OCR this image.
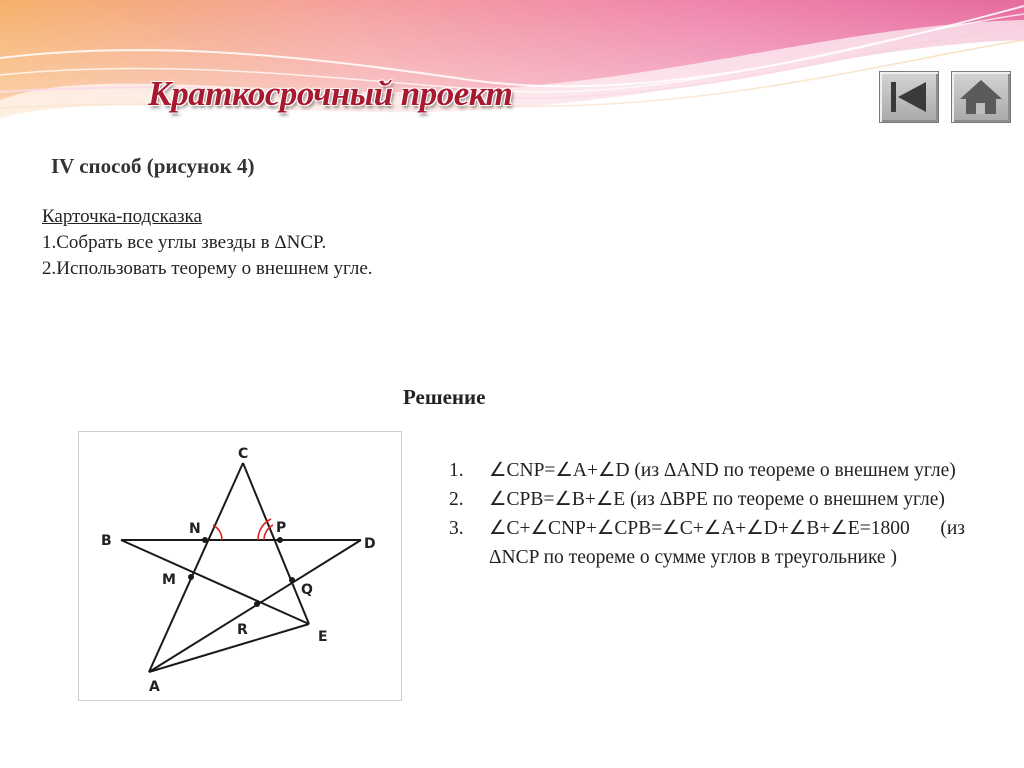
Краткосрочный проект
IV способ (рисунок 4)
Карточка-подсказка
1.Собрать все углы звезды в ΔNCP.
2.Использовать теорему о внешнем угле.
Решение
C
B	D
N	P
M
Q
R	E
A
1. ∠CNP=∠A+∠D (из ΔAND по теореме о внешнем угле)
2. ∠CPB=∠B+∠E (из ΔBPE по теореме о внешнем угле)
3. ∠C+∠CNP+∠CPB=∠C+∠A+∠D+∠B+∠E=1800 (из ΔNCP по теореме о сумме углов в треугольнике )
